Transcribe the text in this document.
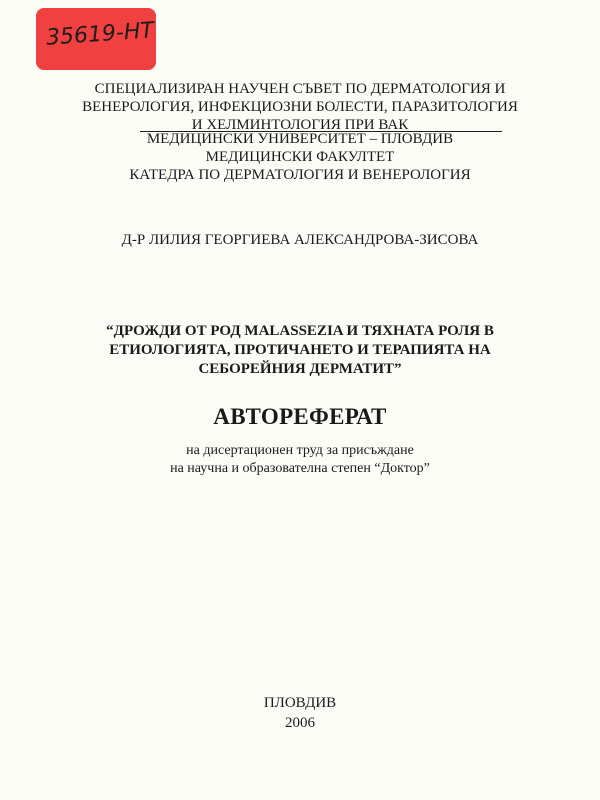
35619-НТ
СПЕЦИАЛИЗИРАН НАУЧЕН СЪВЕТ ПО ДЕРМАТОЛОГИЯ И
ВЕНЕРОЛОГИЯ, ИНФЕКЦИОЗНИ БОЛЕСТИ, ПАРАЗИТОЛОГИЯ
И ХЕЛМИНТОЛОГИЯ ПРИ ВАК
МЕДИЦИНСКИ УНИВЕРСИТЕТ – ПЛОВДИВ
МЕДИЦИНСКИ ФАКУЛТЕТ
КАТЕДРА ПО ДЕРМАТОЛОГИЯ И ВЕНЕРОЛОГИЯ
Д-Р ЛИЛИЯ ГЕОРГИЕВА АЛЕКСАНДРОВА-ЗИСОВА
“ДРОЖДИ ОТ РОД MALASSEZIA И ТЯХНАТА РОЛЯ В
ЕТИОЛОГИЯТА, ПРОТИЧАНЕТО И ТЕРАПИЯТА НА
СЕБОРЕЙНИЯ ДЕРМАТИТ”
АВТОРЕФЕРАТ
на дисертационен труд за присъждане
на научна и образователна степен “Доктор”
ПЛОВДИВ
2006
